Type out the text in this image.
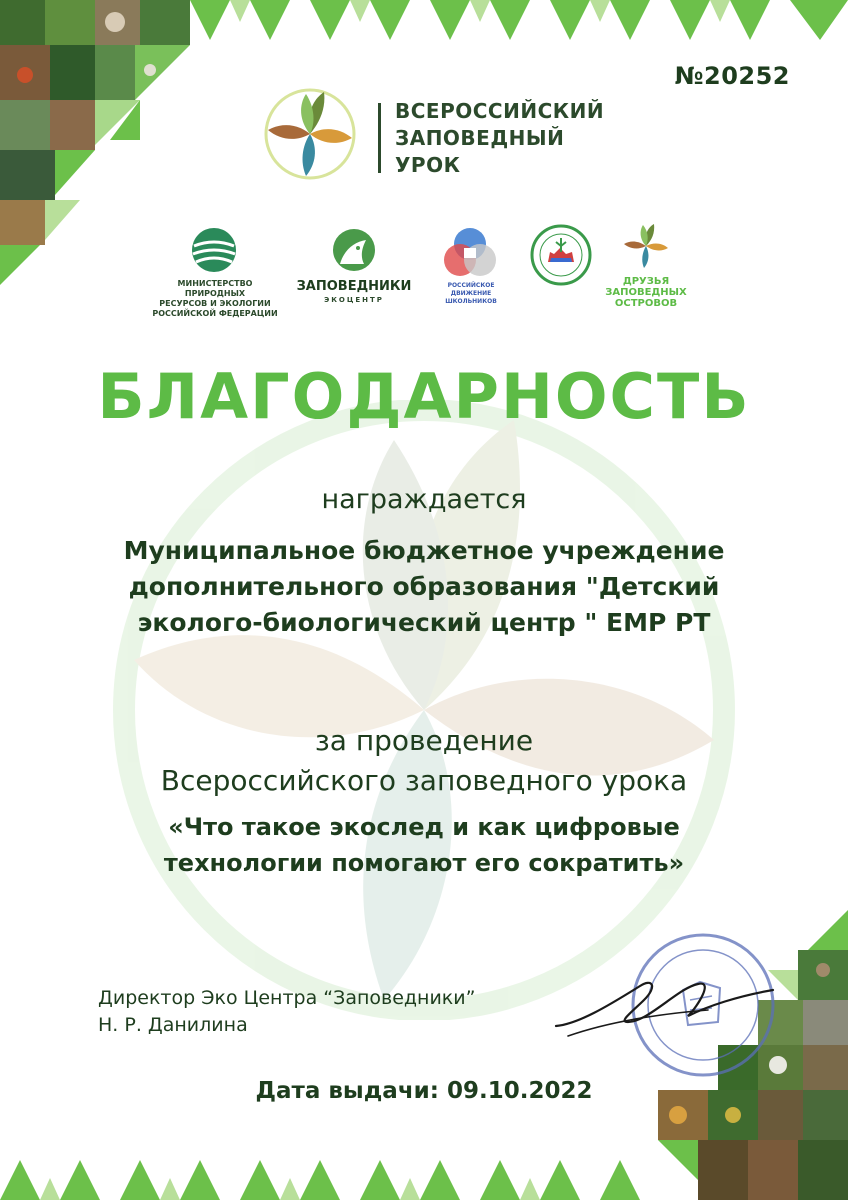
№20252
ВСЕРОССИЙСКИЙ
ЗАПОВЕДНЫЙ
УРОК
МИНИСТЕРСТВО ПРИРОДНЫХ
РЕСУРСОВ И ЭКОЛОГИИ
РОССИЙСКОЙ ФЕДЕРАЦИИ
ЗАПОВЕДНИКИ
ЭКОЦЕНТР
РОССИЙСКОЕ
ДВИЖЕНИЕ ШКОЛЬНИКОВ
ДРУЗЬЯ
ЗАПОВЕДНЫХ
ОСТРОВОВ
БЛАГОДАРНОСТЬ
награждается
Муниципальное бюджетное учреждение
дополнительного образования "Детский
эколого-биологический центр " ЕМР РТ
за проведение
Всероссийского заповедного урока
«Что такое экослед и как цифровые
технологии помогают его сократить»
Директор Эко Центра “Заповедники”
Н. Р. Данилина
Дата выдачи: 09.10.2022
